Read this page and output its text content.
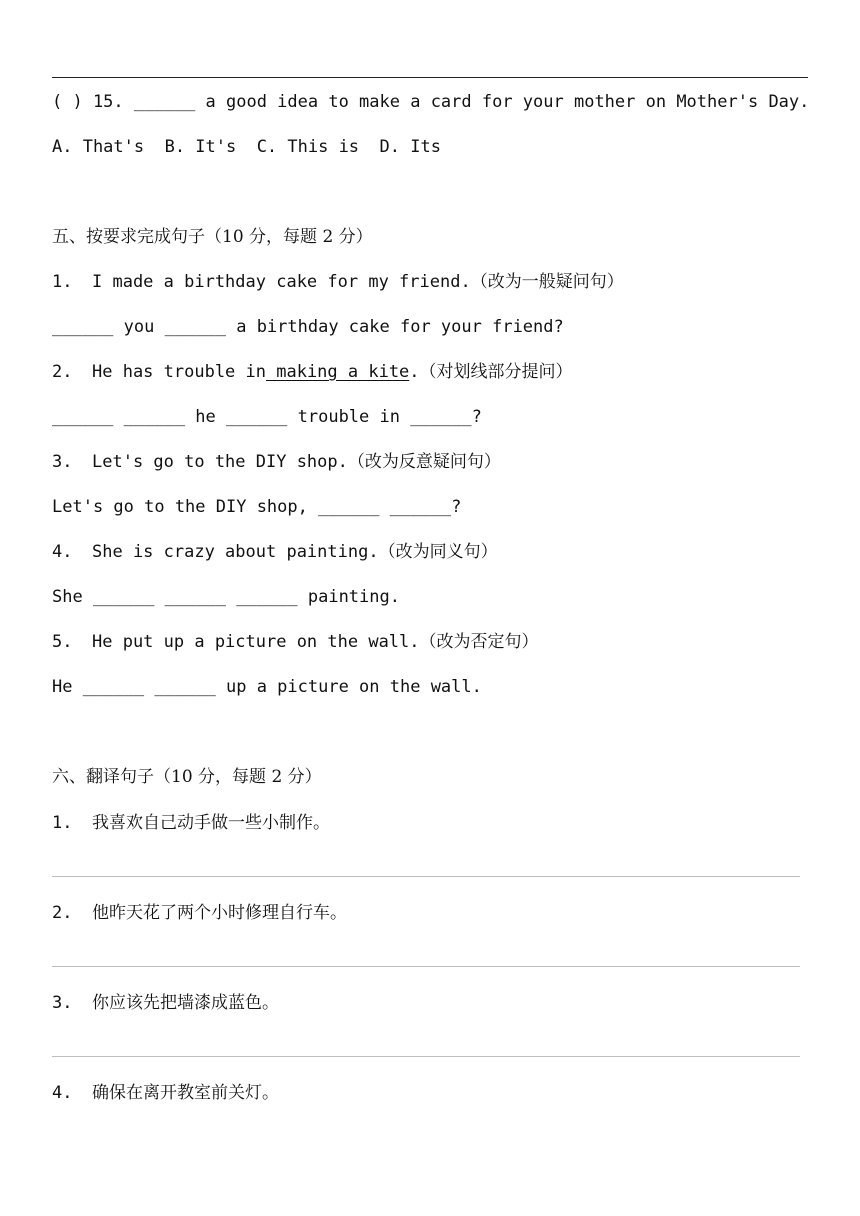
( ) 15. ______ a good idea to make a card for your mother on Mother's Day.
A. That's  B. It's  C. This is  D. Its
五、按要求完成句子（10 分，每题 2 分）
1. I made a birthday cake for my friend.（改为一般疑问句）
______ you ______ a birthday cake for your friend?
2. He has trouble in making a kite.（对划线部分提问）
______ ______ he ______ trouble in ______?
3. Let's go to the DIY shop.（改为反意疑问句）
Let's go to the DIY shop, ______ ______?
4. She is crazy about painting.（改为同义句）
She ______ ______ ______ painting.
5. He put up a picture on the wall.（改为否定句）
He ______ ______ up a picture on the wall.
六、翻译句子（10 分，每题 2 分）
1. 我喜欢自己动手做一些小制作。
2. 他昨天花了两个小时修理自行车。
3. 你应该先把墙漆成蓝色。
4. 确保在离开教室前关灯。
